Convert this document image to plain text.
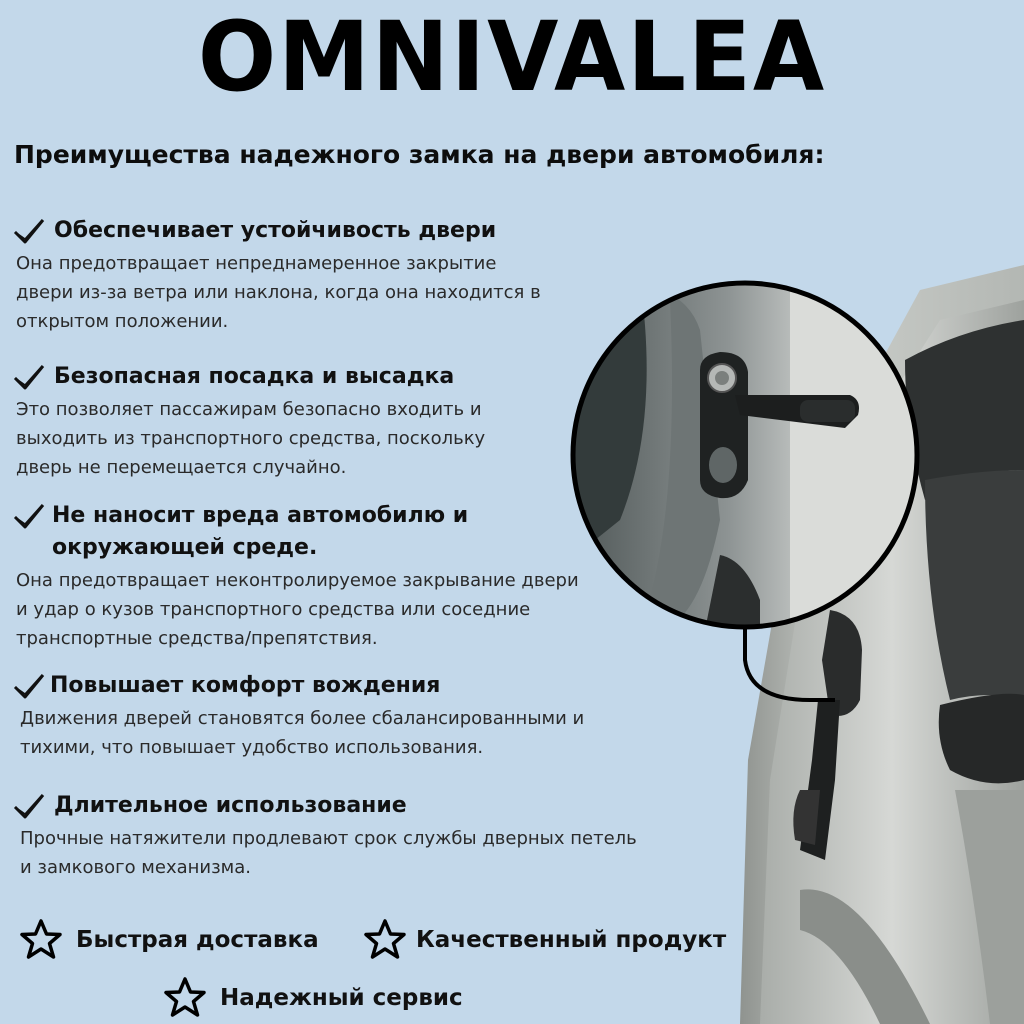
OMNIVALEA
Преимущества надежного замка на двери автомобиля:
Обеспечивает устойчивость двери
Она предотвращает непреднамеренное закрытие
двери из-за ветра или наклона, когда она находится в
открытом положении.
Безопасная посадка и высадка
Это позволяет пассажирам безопасно входить и
выходить из транспортного средства, поскольку
дверь не перемещается случайно.
Не наносит вреда автомобилю и
окружающей среде.
Она предотвращает неконтролируемое закрывание двери
и удар о кузов транспортного средства или соседние
транспортные средства/препятствия.
Повышает комфорт вождения
Движения дверей становятся более сбалансированными и
тихими, что повышает удобство использования.
Длительное использование
Прочные натяжители продлевают срок службы дверных петель
и замкового механизма.
Быстрая доставка	Качественный продукт
Надежный сервис
